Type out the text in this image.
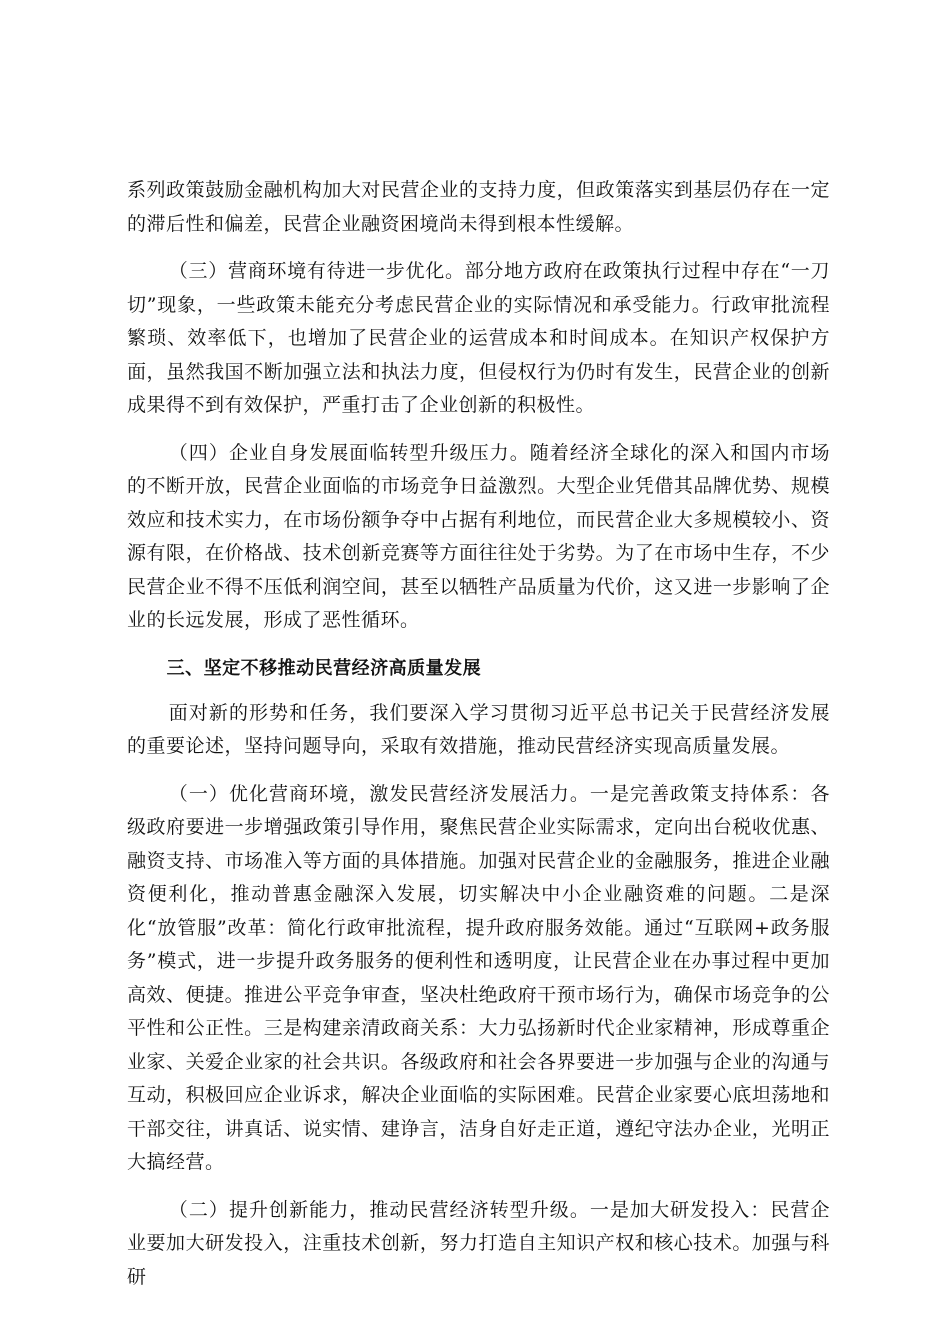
系列政策鼓励金融机构加大对民营企业的支持力度，但政策落实到基层仍存在一定的滞后性和偏差，民营企业融资困境尚未得到根本性缓解。

（三）营商环境有待进一步优化。部分地方政府在政策执行过程中存在“一刀切”现象，一些政策未能充分考虑民营企业的实际情况和承受能力。行政审批流程繁琐、效率低下，也增加了民营企业的运营成本和时间成本。在知识产权保护方面，虽然我国不断加强立法和执法力度，但侵权行为仍时有发生，民营企业的创新成果得不到有效保护，严重打击了企业创新的积极性。

（四）企业自身发展面临转型升级压力。随着经济全球化的深入和国内市场的不断开放，民营企业面临的市场竞争日益激烈。大型企业凭借其品牌优势、规模效应和技术实力，在市场份额争夺中占据有利地位，而民营企业大多规模较小、资源有限，在价格战、技术创新竞赛等方面往往处于劣势。为了在市场中生存，不少民营企业不得不压低利润空间，甚至以牺牲产品质量为代价，这又进一步影响了企业的长远发展，形成了恶性循环。

三、坚定不移推动民营经济高质量发展

面对新的形势和任务，我们要深入学习贯彻习近平总书记关于民营经济发展的重要论述，坚持问题导向，采取有效措施，推动民营经济实现高质量发展。

（一）优化营商环境，激发民营经济发展活力。一是完善政策支持体系：各级政府要进一步增强政策引导作用，聚焦民营企业实际需求，定向出台税收优惠、融资支持、市场准入等方面的具体措施。加强对民营企业的金融服务，推进企业融资便利化，推动普惠金融深入发展，切实解决中小企业融资难的问题。二是深化“放管服”改革：简化行政审批流程，提升政府服务效能。通过“互联网+政务服务”模式，进一步提升政务服务的便利性和透明度，让民营企业在办事过程中更加高效、便捷。推进公平竞争审查，坚决杜绝政府干预市场行为，确保市场竞争的公平性和公正性。三是构建亲清政商关系：大力弘扬新时代企业家精神，形成尊重企业家、关爱企业家的社会共识。各级政府和社会各界要进一步加强与企业的沟通与互动，积极回应企业诉求，解决企业面临的实际困难。民营企业家要心底坦荡地和干部交往，讲真话、说实情、建诤言，洁身自好走正道，遵纪守法办企业，光明正大搞经营。

（二）提升创新能力，推动民营经济转型升级。一是加大研发投入：民营企业要加大研发投入，注重技术创新，努力打造自主知识产权和核心技术。加强与科研
